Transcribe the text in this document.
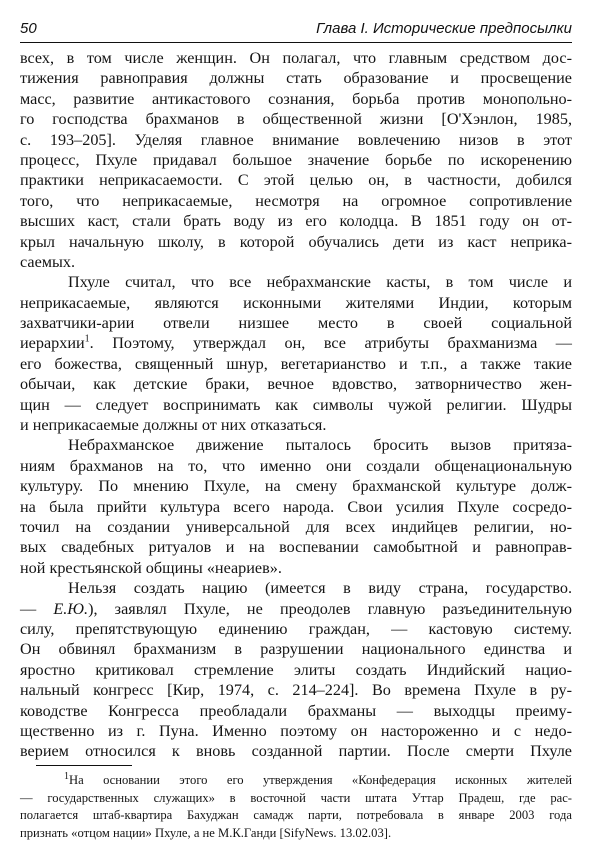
50	Глава I. Исторические предпосылки
всех, в том числе женщин. Он полагал, что главным средством дос-
тижения равноправия должны стать образование и просвещение
масс, развитие антикастового сознания, борьба против монопольно-
го господства брахманов в общественной жизни [О'Хэнлон, 1985,
с. 193–205]. Уделяя главное внимание вовлечению низов в этот
процесс, Пхуле придавал большое значение борьбе по искоренению
практики неприкасаемости. С этой целью он, в частности, добился
того, что неприкасаемые, несмотря на огромное сопротивление
высших каст, стали брать воду из его колодца. В 1851 году он от-
крыл начальную школу, в которой обучались дети из каст неприка-
саемых.
Пхуле считал, что все небрахманские касты, в том числе и
неприкасаемые, являются исконными жителями Индии, которым
захватчики-арии отвели низшее место в своей социальной
иерархии$^1$. Поэтому, утверждал он, все атрибуты брахманизма —
его божества, священный шнур, вегетарианство и т.п., а также такие
обычаи, как детские браки, вечное вдовство, затворничество жен-
щин — следует воспринимать как символы чужой религии. Шудры
и неприкасаемые должны от них отказаться.
Небрахманское движение пыталось бросить вызов притяза-
ниям брахманов на то, что именно они создали общенациональную
культуру. По мнению Пхуле, на смену брахманской культуре долж-
на была прийти культура всего народа. Свои усилия Пхуле сосредо-
точил на создании универсальной для всех индийцев религии, но-
вых свадебных ритуалов и на воспевании самобытной и равноправ-
ной крестьянской общины «неариев».
Нельзя создать нацию (имеется в виду страна, государство.
— Е.Ю.), заявлял Пхуле, не преодолев главную разъединительную
силу, препятствующую единению граждан, — кастовую систему.
Он обвинял брахманизм в разрушении национального единства и
яростно критиковал стремление элиты создать Индийский нацио-
нальный конгресс [Кир, 1974, с. 214–224]. Во времена Пхуле в ру-
ководстве Конгресса преобладали брахманы — выходцы преиму-
щественно из г. Пуна. Именно поэтому он настороженно и с недо-
верием относился к вновь созданной партии. После смерти Пхуле
$^1$На основании этого его утверждения «Конфедерация исконных жителей
— государственных служащих» в восточной части штата Уттар Прадеш, где рас-
полагается штаб-квартира Бахуджан самадж парти, потребовала в январе 2003 года
признать «отцом нации» Пхуле, а не М.К.Ганди [SifyNews. 13.02.03].
